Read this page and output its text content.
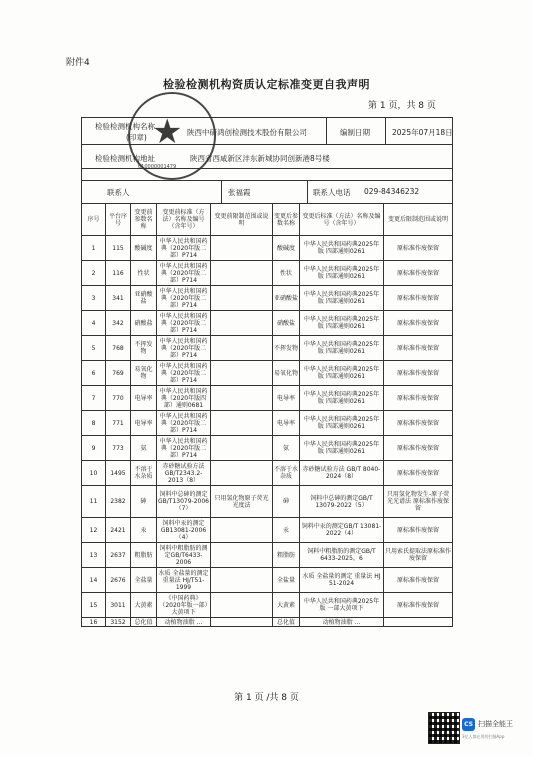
附件4
检验检测机构资质认定标准变更自我声明
第 1 页，共 8 页
检验检测机构名称
(印章)
陕西中研鸿创检测技术股份有限公司	编制日期	2025年07月18日
检验检测机构地址	陕西省西咸新区沣东新城协同创新港8号楼
联系人	张福霞	联系人电话 029-84346232
★
610000001479
序号	平台序号	变更前参数名称	变更前标准（方法）名称及编号（含年号）	变更前限制范围或说明	变更后参数名称	变更后标准（方法）名称及编号（含年号）	变更后限制范围或说明
1	115	酸碱度	中华人民共和国药典（2020年版二部）P714		酸碱度	中华人民共和国药典2025年版 四部通则0261	原标准作废保留
2	116	性状	中华人民共和国药典（2020年版二部）P714		性状	中华人民共和国药典2025年版 四部通则0261	原标准作废保留
3	341	亚硝酸盐	中华人民共和国药典（2020年版二部）P714		亚硝酸盐	中华人民共和国药典2025年版 四部通则0261	原标准作废保留
4	342	硝酸盐	中华人民共和国药典（2020年版二部）P714		硝酸盐	中华人民共和国药典2025年版 四部通则0261	原标准作废保留
5	768	不挥发物	中华人民共和国药典（2020年版二部）P714		不挥发物	中华人民共和国药典2025年版 四部通则0261	原标准作废保留
6	769	易氧化物	中华人民共和国药典（2020年版二部）P714		易氧化物	中华人民共和国药典2025年版 四部通则0261	原标准作废保留
7	770	电导率	中华人民共和国药典（2020年版四部）通则0681		电导率	中华人民共和国药典2025年版 四部通则0261	原标准作废保留
8	771	电导率	中华人民共和国药典（2020年版二部）P714		电导率	中华人民共和国药典2025年版 四部通则0261	原标准作废保留
9	773	氨	中华人民共和国药典（2020年版二部）P714		氨	中华人民共和国药典2025年版 四部通则0261	原标准作废保留
10	1495	不溶于水杂质	赤砂糖试验方法GB/T2343.2-2013（8）		不溶于水杂质	赤砂糖试验方法 GB/T 8040-2024（8）	原标准作废保留
11	2382	砷	饲料中总砷的测定GB/T13079-2006（7）	只用氢化物原子荧光光度法	砷	饲料中总砷的测定GB/T 13079-2022（5）	只用氢化物发生-原子荧光光谱法 原标准作废保留
12	2421	汞	饲料中汞的测定GB13081-2006（4）		汞	饲料中汞的测定GB/T 13081-2022（4）	原标准作废保留
13	2637	粗脂肪	饲料中粗脂肪的测定GB/T6433-2006		粗脂肪	饲料中粗脂肪的测定GB/T 6433-2025，6	只用索氏提取法原标准作废保留
14	2676	全盐量	水质 全盐量的测定 重量法 HJ/T51-1999		全盐量	水质 全盐量的测定 重量法 HJ 51-2024	原标准作废保留
15	3011	大黄素	《中国药典》（2020年版一部）大黄项下		大黄素	中华人民共和国药典2025年版 一部大黄项下	原标准作废保留
16	3152	总化值	动植物油脂 ...		总化值	动植物油脂 ...	
第 1 页 /共 8 页
CS 扫描全能王
3亿人都在用的扫描App
